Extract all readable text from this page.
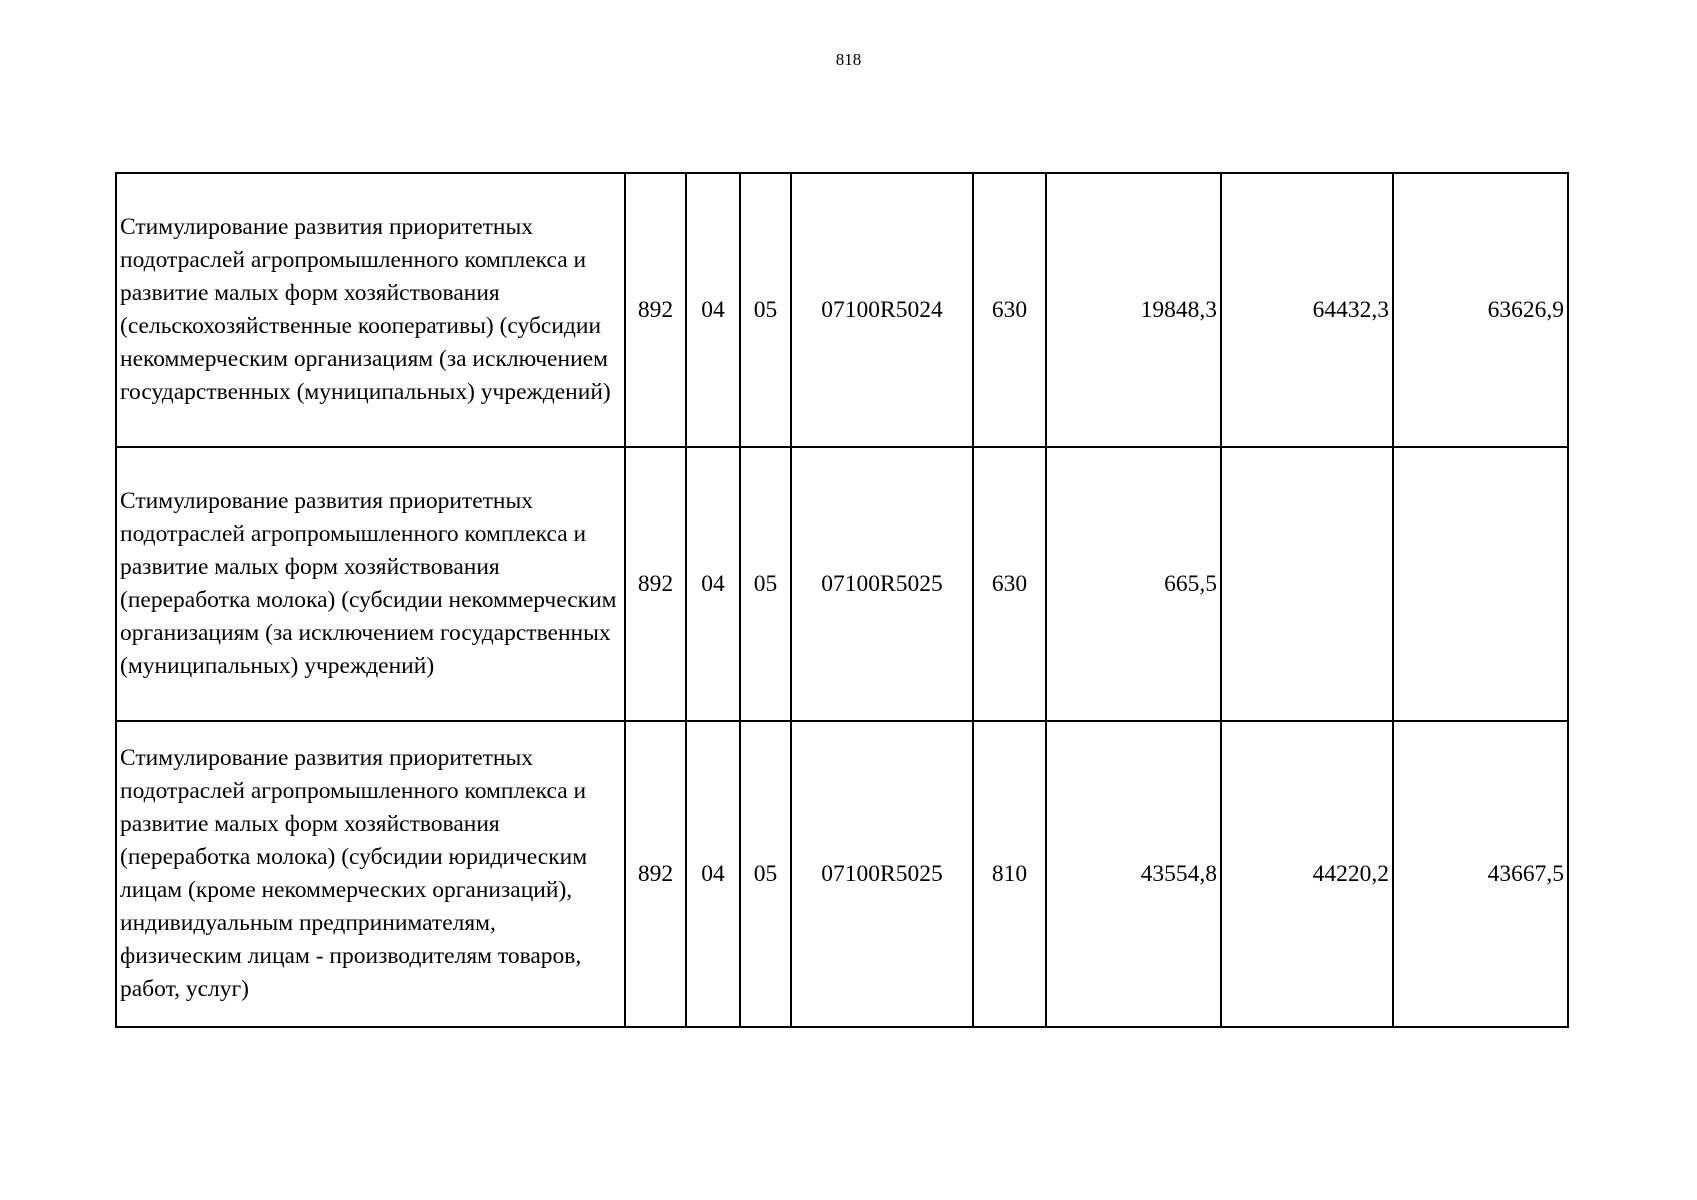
818
Стимулирование развития приоритетных подотраслей агропромышленного комплекса и развитие малых форм хозяйствования (сельскохозяйственные кооперативы) (субсидии некоммерческим организациям (за исключением государственных (муниципальных) учреждений)	892	04	05	07100R5024	630	19848,3	64432,3	63626,9
Стимулирование развития приоритетных подотраслей агропромышленного комплекса и развитие малых форм хозяйствования (переработка молока) (субсидии некоммерческим организациям (за исключением государственных (муниципальных) учреждений)	892	04	05	07100R5025	630	665,5		
Стимулирование развития приоритетных подотраслей агропромышленного комплекса и развитие малых форм хозяйствования (переработка молока) (субсидии юридическим лицам (кроме некоммерческих организаций), индивидуальным предпринимателям, физическим лицам - производителям товаров, работ, услуг)	892	04	05	07100R5025	810	43554,8	44220,2	43667,5
